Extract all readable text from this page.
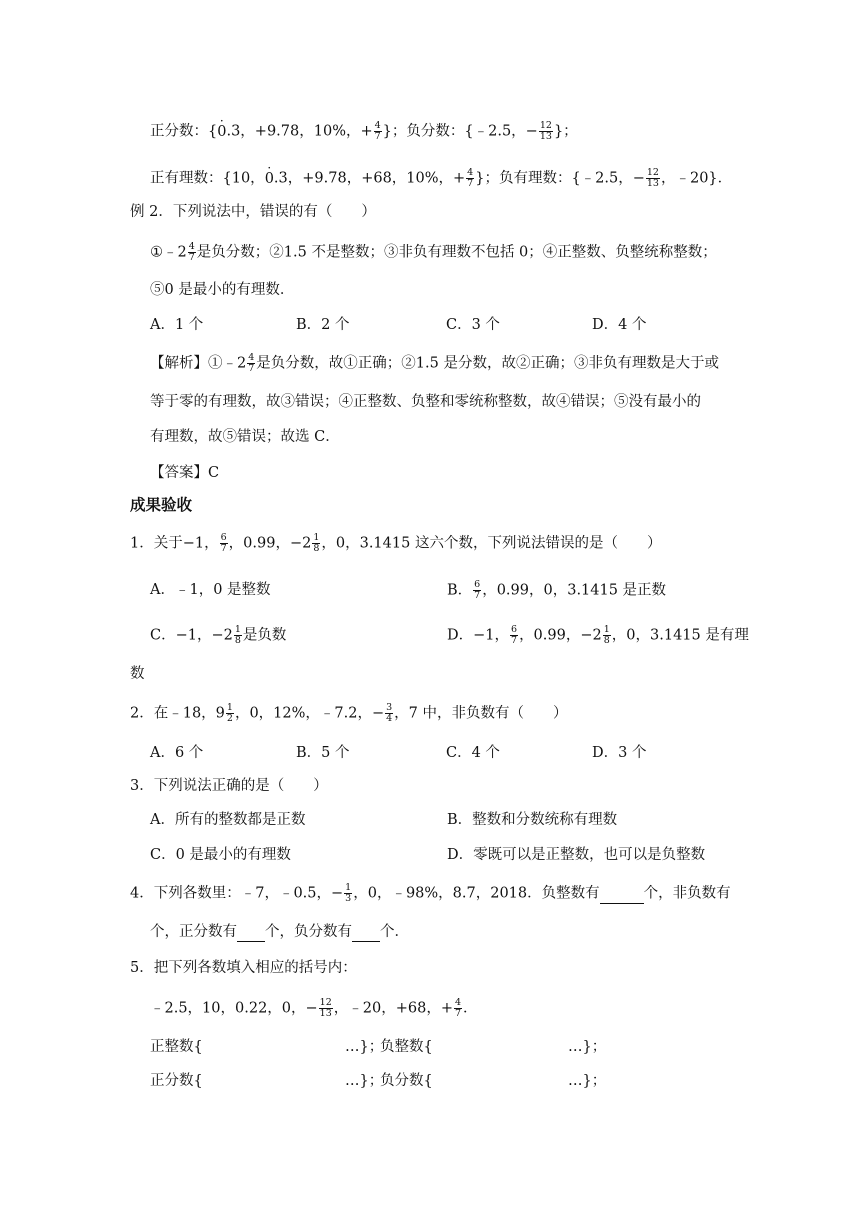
正分数：{· 0.3，+9.78，10%，+ $\frac{4}{7}$ }；负分数：{﹣2.5，− $\frac{12}{13}$ }；
正有理数：{10，· 0.3，+9.78，+68，10%，+ $\frac{4}{7}$ }；负有理数：{﹣2.5，− $\frac{12}{13}$ ，﹣20}．
例 2．下列说法中，错误的有（　　）
①﹣2 $\frac{4}{7}$ 是负分数；②1.5 不是整数；③非负有理数不包括 0；④正整数、负整统称整数；
⑤0 是最小的有理数．
A．1 个	B．2 个	C．3 个	D．4 个
【解析】①﹣2 $\frac{4}{7}$ 是负分数，故①正确；②1.5 是分数，故②正确；③非负有理数是大于或
等于零的有理数，故③错误；④正整数、负整和零统称整数，故④错误；⑤没有最小的
有理数，故⑤错误；故选 C．
【答案】C
成果验收
1．关于−1， $\frac{6}{7}$ ，0.99，$-2 \frac{1}{8}$ ，0，3.1415 这六个数，下列说法错误的是（　　）
A．﹣1，0 是整数	B． $\frac{6}{7}$ ，0.99，0，3.1415 是正数
C．−1，$-2 \frac{1}{8}$ 是负数	D．−1， $\frac{6}{7}$ ，0.99，$-2 \frac{1}{8}$ ，0，3.1415 是有理
数
2．在﹣18，$9 \frac{1}{2}$ ，0，12%，﹣7.2，− $\frac{3}{4}$ ，7 中，非负数有（　　）
A．6 个	B．5 个	C．4 个	D．3 个
3．下列说法正确的是（　　）
A．所有的整数都是正数	B．整数和分数统称有理数
C．0 是最小的有理数	D．零既可以是正整数，也可以是负整数
4．下列各数里：﹣7，﹣0.5，− $\frac{1}{3}$ ，0，﹣98%，8.7，2018．负整数有	个，非负数有
个，正分数有 个，负分数有 个．
5．把下列各数填入相应的括号内：
﹣2.5，10，0.22，0，− $\frac{12}{13}$ ，﹣20，+68，+ $\frac{4}{7}$ ．
正整数{	…}；
负整数{	…}；
正分数{	…}；
负分数{	…}；
